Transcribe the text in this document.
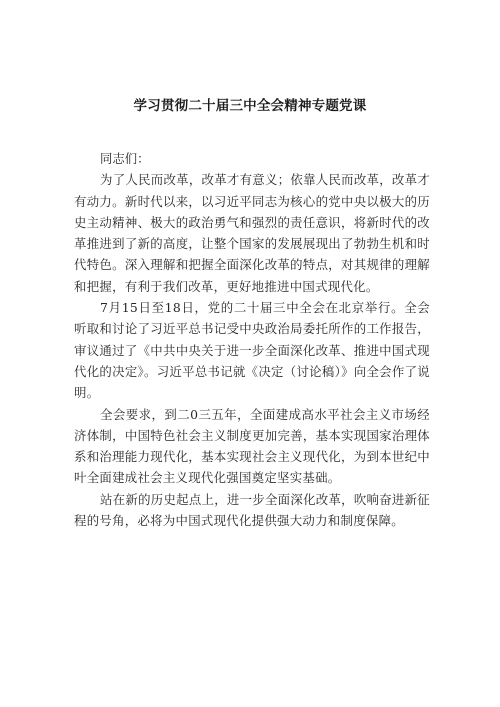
学习贯彻二十届三中全会精神专题党课

同志们：

为了人民而改革，改革才有意义；依靠人民而改革，改革才有动力。新时代以来，以习近平同志为核心的党中央以极大的历史主动精神、极大的政治勇气和强烈的责任意识，将新时代的改革推进到了新的高度，让整个国家的发展展现出了勃勃生机和时代特色。深入理解和把握全面深化改革的特点，对其规律的理解和把握，有利于我们改革，更好地推进中国式现代化。

7月15日至18日，党的二十届三中全会在北京举行。全会听取和讨论了习近平总书记受中央政治局委托所作的工作报告，审议通过了《中共中央关于进一步全面深化改革、推进中国式现代化的决定》。习近平总书记就《决定（讨论稿）》向全会作了说明。

全会要求，到二0三五年，全面建成高水平社会主义市场经济体制，中国特色社会主义制度更加完善，基本实现国家治理体系和治理能力现代化，基本实现社会主义现代化，为到本世纪中叶全面建成社会主义现代化强国奠定坚实基础。

站在新的历史起点上，进一步全面深化改革，吹响奋进新征程的号角，必将为中国式现代化提供强大动力和制度保障。
